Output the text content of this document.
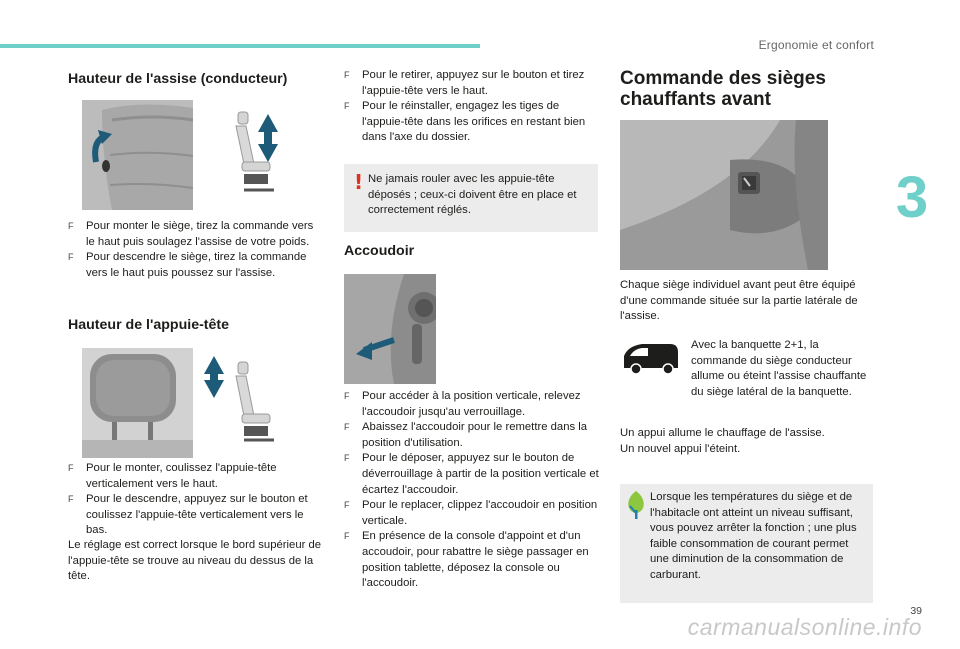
Ergonomie et confort
3
39
carmanualsonline.info
Hauteur de l'assise (conducteur)
F Pour monter le siège, tirez la commande vers le haut puis soulagez l'assise de votre poids.
F Pour descendre le siège, tirez la commande vers le haut puis poussez sur l'assise.
Hauteur de l'appuie-tête
F Pour le monter, coulissez l'appuie-tête verticalement vers le haut.
F Pour le descendre, appuyez sur le bouton et coulissez l'appuie-tête verticalement vers le bas.

Le réglage est correct lorsque le bord supérieur de l'appuie-tête se trouve au niveau du dessus de la tête.

F Pour le retirer, appuyez sur le bouton et tirez l'appuie-tête vers le haut.
F Pour le réinstaller, engagez les tiges de l'appuie-tête dans les orifices en restant bien dans l'axe du dossier.
! Ne jamais rouler avec les appuie-tête déposés ; ceux-ci doivent être en place et correctement réglés.

Accoudoir
F Pour accéder à la position verticale, relevez l'accoudoir jusqu'au verrouillage.
F Abaissez l'accoudoir pour le remettre dans la position d'utilisation.
F Pour le déposer, appuyez sur le bouton de déverrouillage à partir de la position verticale et écartez l'accoudoir.
F Pour le replacer, clippez l'accoudoir en position verticale.
F En présence de la console d'appoint et d'un accoudoir, pour rabattre le siège passager en position tablette, déposez la console ou l'accoudoir.
Commande des sièges
chauffants avant

Chaque siège individuel avant peut être équipé d'une commande située sur la partie latérale de l'assise.

Avec la banquette 2+1, la commande du siège conducteur allume ou éteint l'assise chauffante du siège latéral de la banquette.

Un appui allume le chauffage de l'assise.

Un nouvel appui l'éteint.

Lorsque les températures du siège et de l'habitacle ont atteint un niveau suffisant, vous pouvez arrêter la fonction ; une plus faible consommation de courant permet une diminution de la consommation de carburant.
